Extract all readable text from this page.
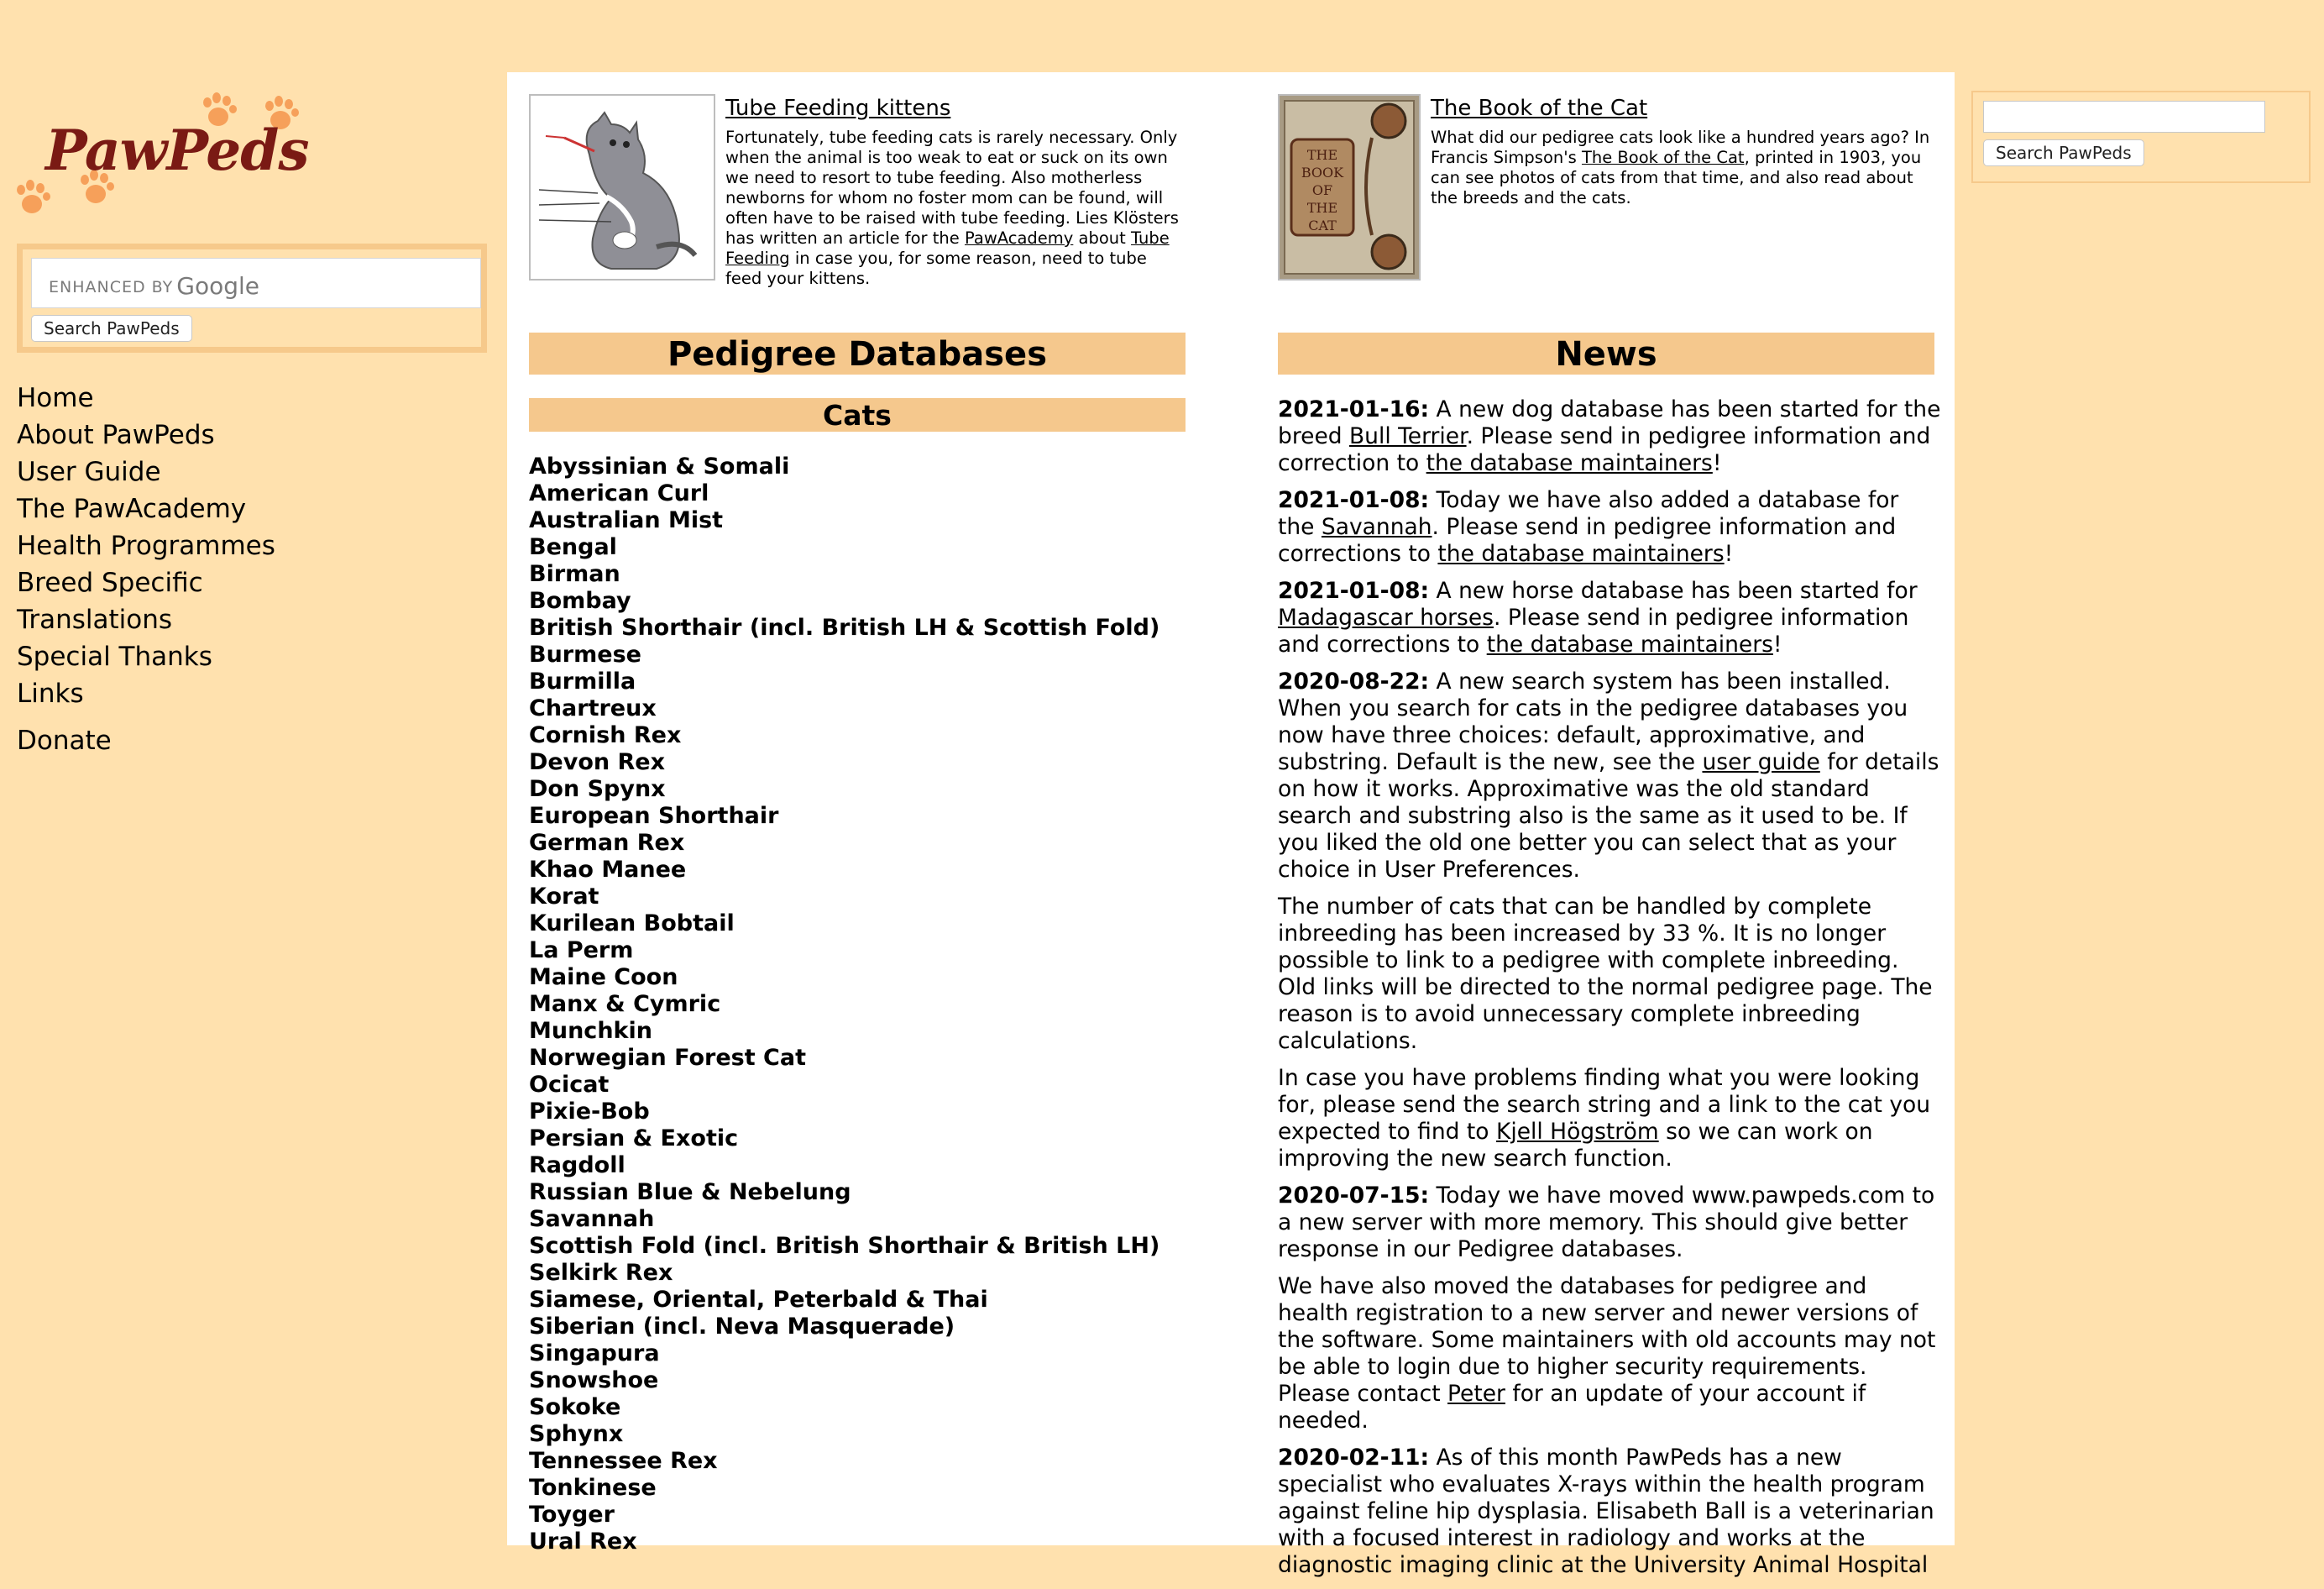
PawPeds
ENHANCED BY Google
Search PawPeds
Home
About PawPeds
User Guide
The PawAcademy
Health Programmes
Breed Specific
Translations
Special Thanks
Links
Donate
Tube Feeding kittens
Fortunately, tube feeding cats is rarely necessary. Only when the animal is too weak to eat or suck on its own we need to resort to tube feeding. Also motherless newborns for whom no foster mom can be found, will often have to be raised with tube feeding. Lies Klösters has written an article for the PawAcademy about Tube Feeding in case you, for some reason, need to tube feed your kittens.
Pedigree Databases
Cats
Abyssinian & Somali
American Curl
Australian Mist
Bengal
Birman
Bombay
British Shorthair (incl. British LH & Scottish Fold)
Burmese
Burmilla
Chartreux
Cornish Rex
Devon Rex
Don Spynx
European Shorthair
German Rex
Khao Manee
Korat
Kurilean Bobtail
La Perm
Maine Coon
Manx & Cymric
Munchkin
Norwegian Forest Cat
Ocicat
Pixie-Bob
Persian & Exotic
Ragdoll
Russian Blue & Nebelung
Savannah
Scottish Fold (incl. British Shorthair & British LH)
Selkirk Rex
Siamese, Oriental, Peterbald & Thai
Siberian (incl. Neva Masquerade)
Singapura
Snowshoe
Sokoke
Sphynx
Tennessee Rex
Tonkinese
Toyger
Ural Rex
THE
BOOK
OF
THE
CAT
The Book of the Cat
What did our pedigree cats look like a hundred years ago? In Francis Simpson's The Book of the Cat, printed in 1903, you can see photos of cats from that time, and also read about the breeds and the cats.
News

2021-01-16: A new dog database has been started for the breed Bull Terrier. Please send in pedigree information and correction to the database maintainers!

2021-01-08: Today we have also added a database for the Savannah. Please send in pedigree information and corrections to the database maintainers!

2021-01-08: A new horse database has been started for Madagascar horses. Please send in pedigree information and corrections to the database maintainers!

2020-08-22: A new search system has been installed. When you search for cats in the pedigree databases you now have three choices: default, approximative, and substring. Default is the new, see the user guide for details on how it works. Approximative was the old standard search and substring also is the same as it used to be. If you liked the old one better you can select that as your choice in User Preferences.

The number of cats that can be handled by complete inbreeding has been increased by 33 %. It is no longer possible to link to a pedigree with complete inbreeding. Old links will be directed to the normal pedigree page. The reason is to avoid unnecessary complete inbreeding calculations.

In case you have problems finding what you were looking for, please send the search string and a link to the cat you expected to find to Kjell Högström so we can work on improving the new search function.

2020-07-15: Today we have moved www.pawpeds.com to a new server with more memory. This should give better response in our Pedigree databases.

We have also moved the databases for pedigree and health registration to a new server and newer versions of the software. Some maintainers with old accounts may not be able to login due to higher security requirements. Please contact Peter for an update of your account if needed.

2020-02-11: As of this month PawPeds has a new specialist who evaluates X-rays within the health program against feline hip dysplasia. Elisabeth Ball is a veterinarian with a focused interest in radiology and works at the diagnostic imaging clinic at the University Animal Hospital

Search PawPeds
